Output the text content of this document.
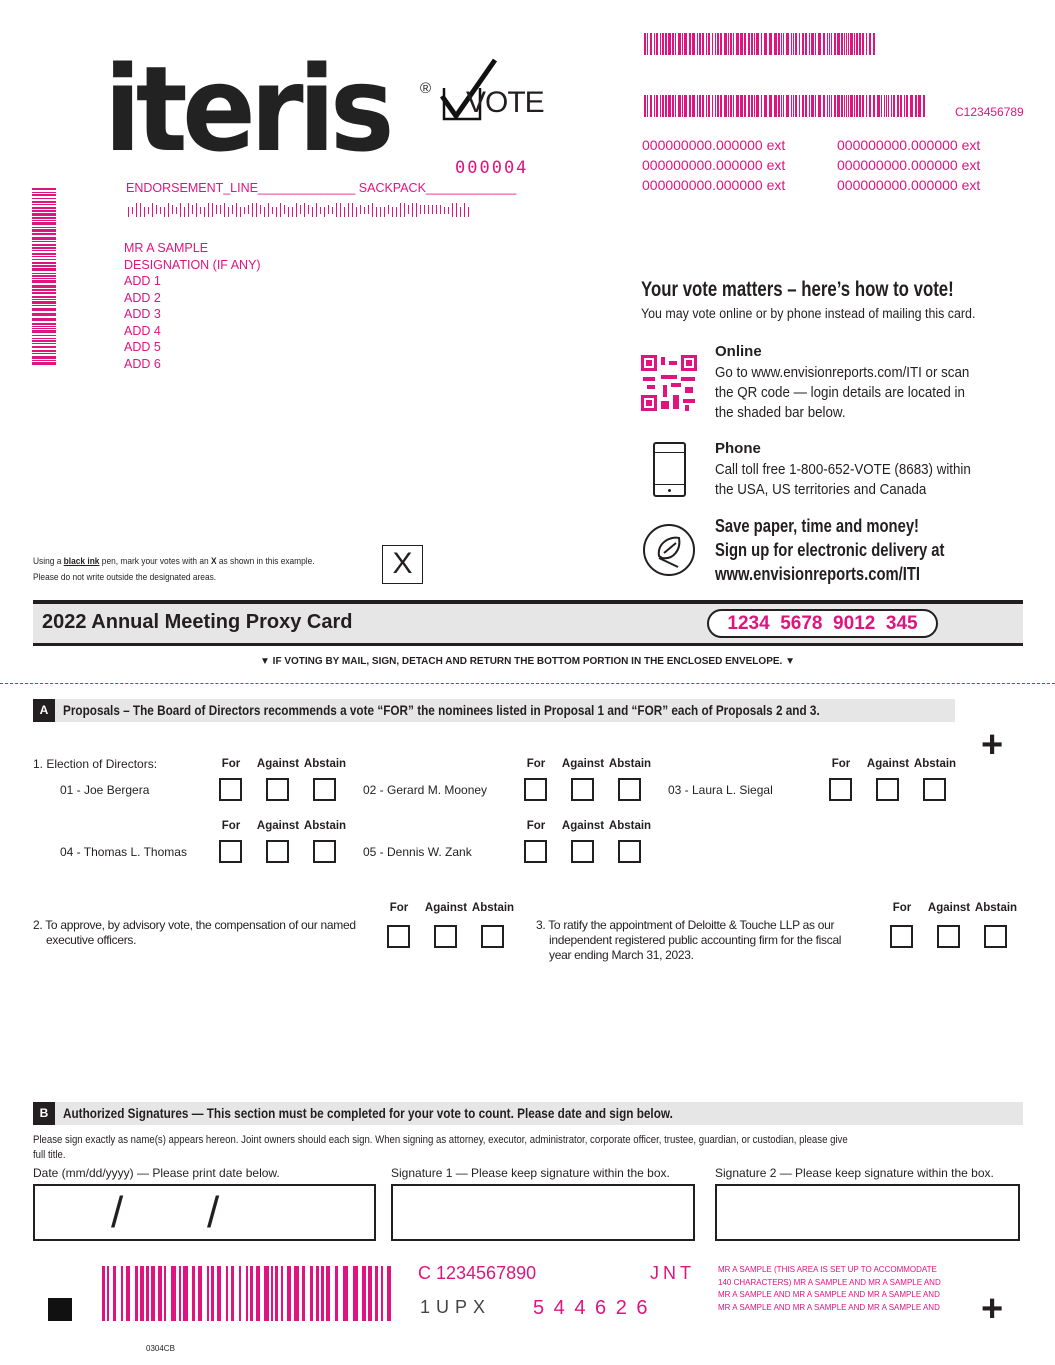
C123456789
000000000.000000 ext
000000000.000000 ext
000000000.000000 ext
000000000.000000 ext
000000000.000000 ext
000000000.000000 ext
iteris ® VOTE
000004
ENDORSEMENT_LINE______________ SACKPACK_____________
MR A SAMPLE
DESIGNATION (IF ANY)
ADD 1
ADD 2
ADD 3
ADD 4
ADD 5
ADD 6
Your vote matters – here’s how to vote!
You may vote online or by phone instead of mailing this card.
Online
Go to www.envisionreports.com/ITI or scan
the QR code — login details are located in
the shaded bar below.
Phone
Call toll free 1-800-652-VOTE (8683) within
the USA, US territories and Canada
Save paper, time and money!
Sign up for electronic delivery at
www.envisionreports.com/ITI
Using a black ink pen, mark your votes with an X as shown in this example.
Please do not write outside the designated areas.	X
2022 Annual Meeting Proxy Card	1234  5678  9012  345
▼ IF VOTING BY MAIL, SIGN, DETACH AND RETURN THE BOTTOM PORTION IN THE ENCLOSED ENVELOPE. ▼
A	Proposals – The Board of Directors recommends a vote “FOR” the nominees listed in Proposal 1 and “FOR” each of Proposals 2 and 3.
+
1. Election of Directors:
01 - Joe Bergera
For Against Abstain
02 - Gerard M. Mooney
For Against Abstain
03 - Laura L. Siegal
For Against Abstain
04 - Thomas L. Thomas
For Against Abstain
05 - Dennis W. Zank
For Against Abstain
For Against Abstain	For Against Abstain
2. To approve, by advisory vote, the compensation of our named
executive officers.
3. To ratify the appointment of Deloitte & Touche LLP as our
independent registered public accounting firm for the fiscal
year ending March 31, 2023.
B	Authorized Signatures — This section must be completed for your vote to count. Please date and sign below.
Please sign exactly as name(s) appears hereon. Joint owners should each sign. When signing as attorney, executor, administrator, corporate officer, trustee, guardian, or custodian, please give
full title.
Date (mm/dd/yyyy) — Please print date below.	Signature 1 — Please keep signature within the box.	Signature 2 — Please keep signature within the box.
/ /
C 1234567890	JNT
1UPX 5 4 4 6 2 6
MR A SAMPLE (THIS AREA IS SET UP TO ACCOMMODATE
140 CHARACTERS) MR A SAMPLE AND MR A SAMPLE AND
MR A SAMPLE AND MR A SAMPLE AND MR A SAMPLE AND
MR A SAMPLE AND MR A SAMPLE AND MR A SAMPLE AND +
0304CB
